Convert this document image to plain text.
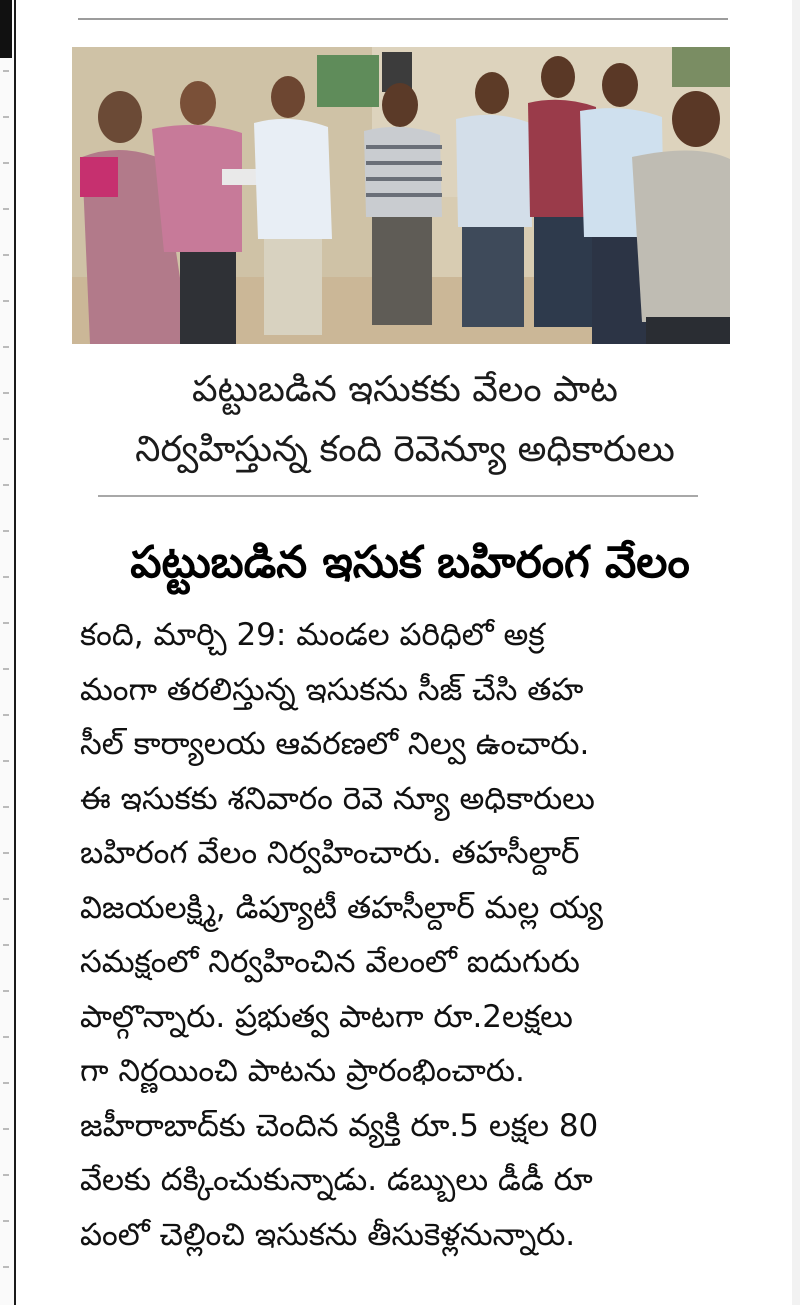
పట్టుబడిన ఇసుకకు వేలం పాట
నిర్వహిస్తున్న కంది రెవెన్యూ అధికారులు
పట్టుబడిన ఇసుక బహిరంగ వేలం
కంది, మార్చి 29: మండల పరిధిలో అక్ర
మంగా తరలిస్తున్న ఇసుకను సీజ్ చేసి తహ
సీల్ కార్యాలయ ఆవరణలో నిల్వ ఉంచారు.
ఈ ఇసుకకు శనివారం రెవె న్యూ అధికారులు
బహిరంగ వేలం నిర్వహించారు. తహసీల్దార్
విజయలక్ష్మి, డిప్యూటీ తహసీల్దార్ మల్ల య్య
సమక్షంలో నిర్వహించిన వేలంలో ఐదుగురు
పాల్గొన్నారు. ప్రభుత్వ పాటగా రూ.2లక్షలు
గా నిర్ణయించి పాటను ప్రారంభించారు.
జహీరాబాద్‌కు చెందిన వ్యక్తి రూ.5 లక్షల 80
వేలకు దక్కించుకున్నాడు. డబ్బులు డీడీ రూ
పంలో చెల్లించి ఇసుకను తీసుకెళ్లనున్నారు.
